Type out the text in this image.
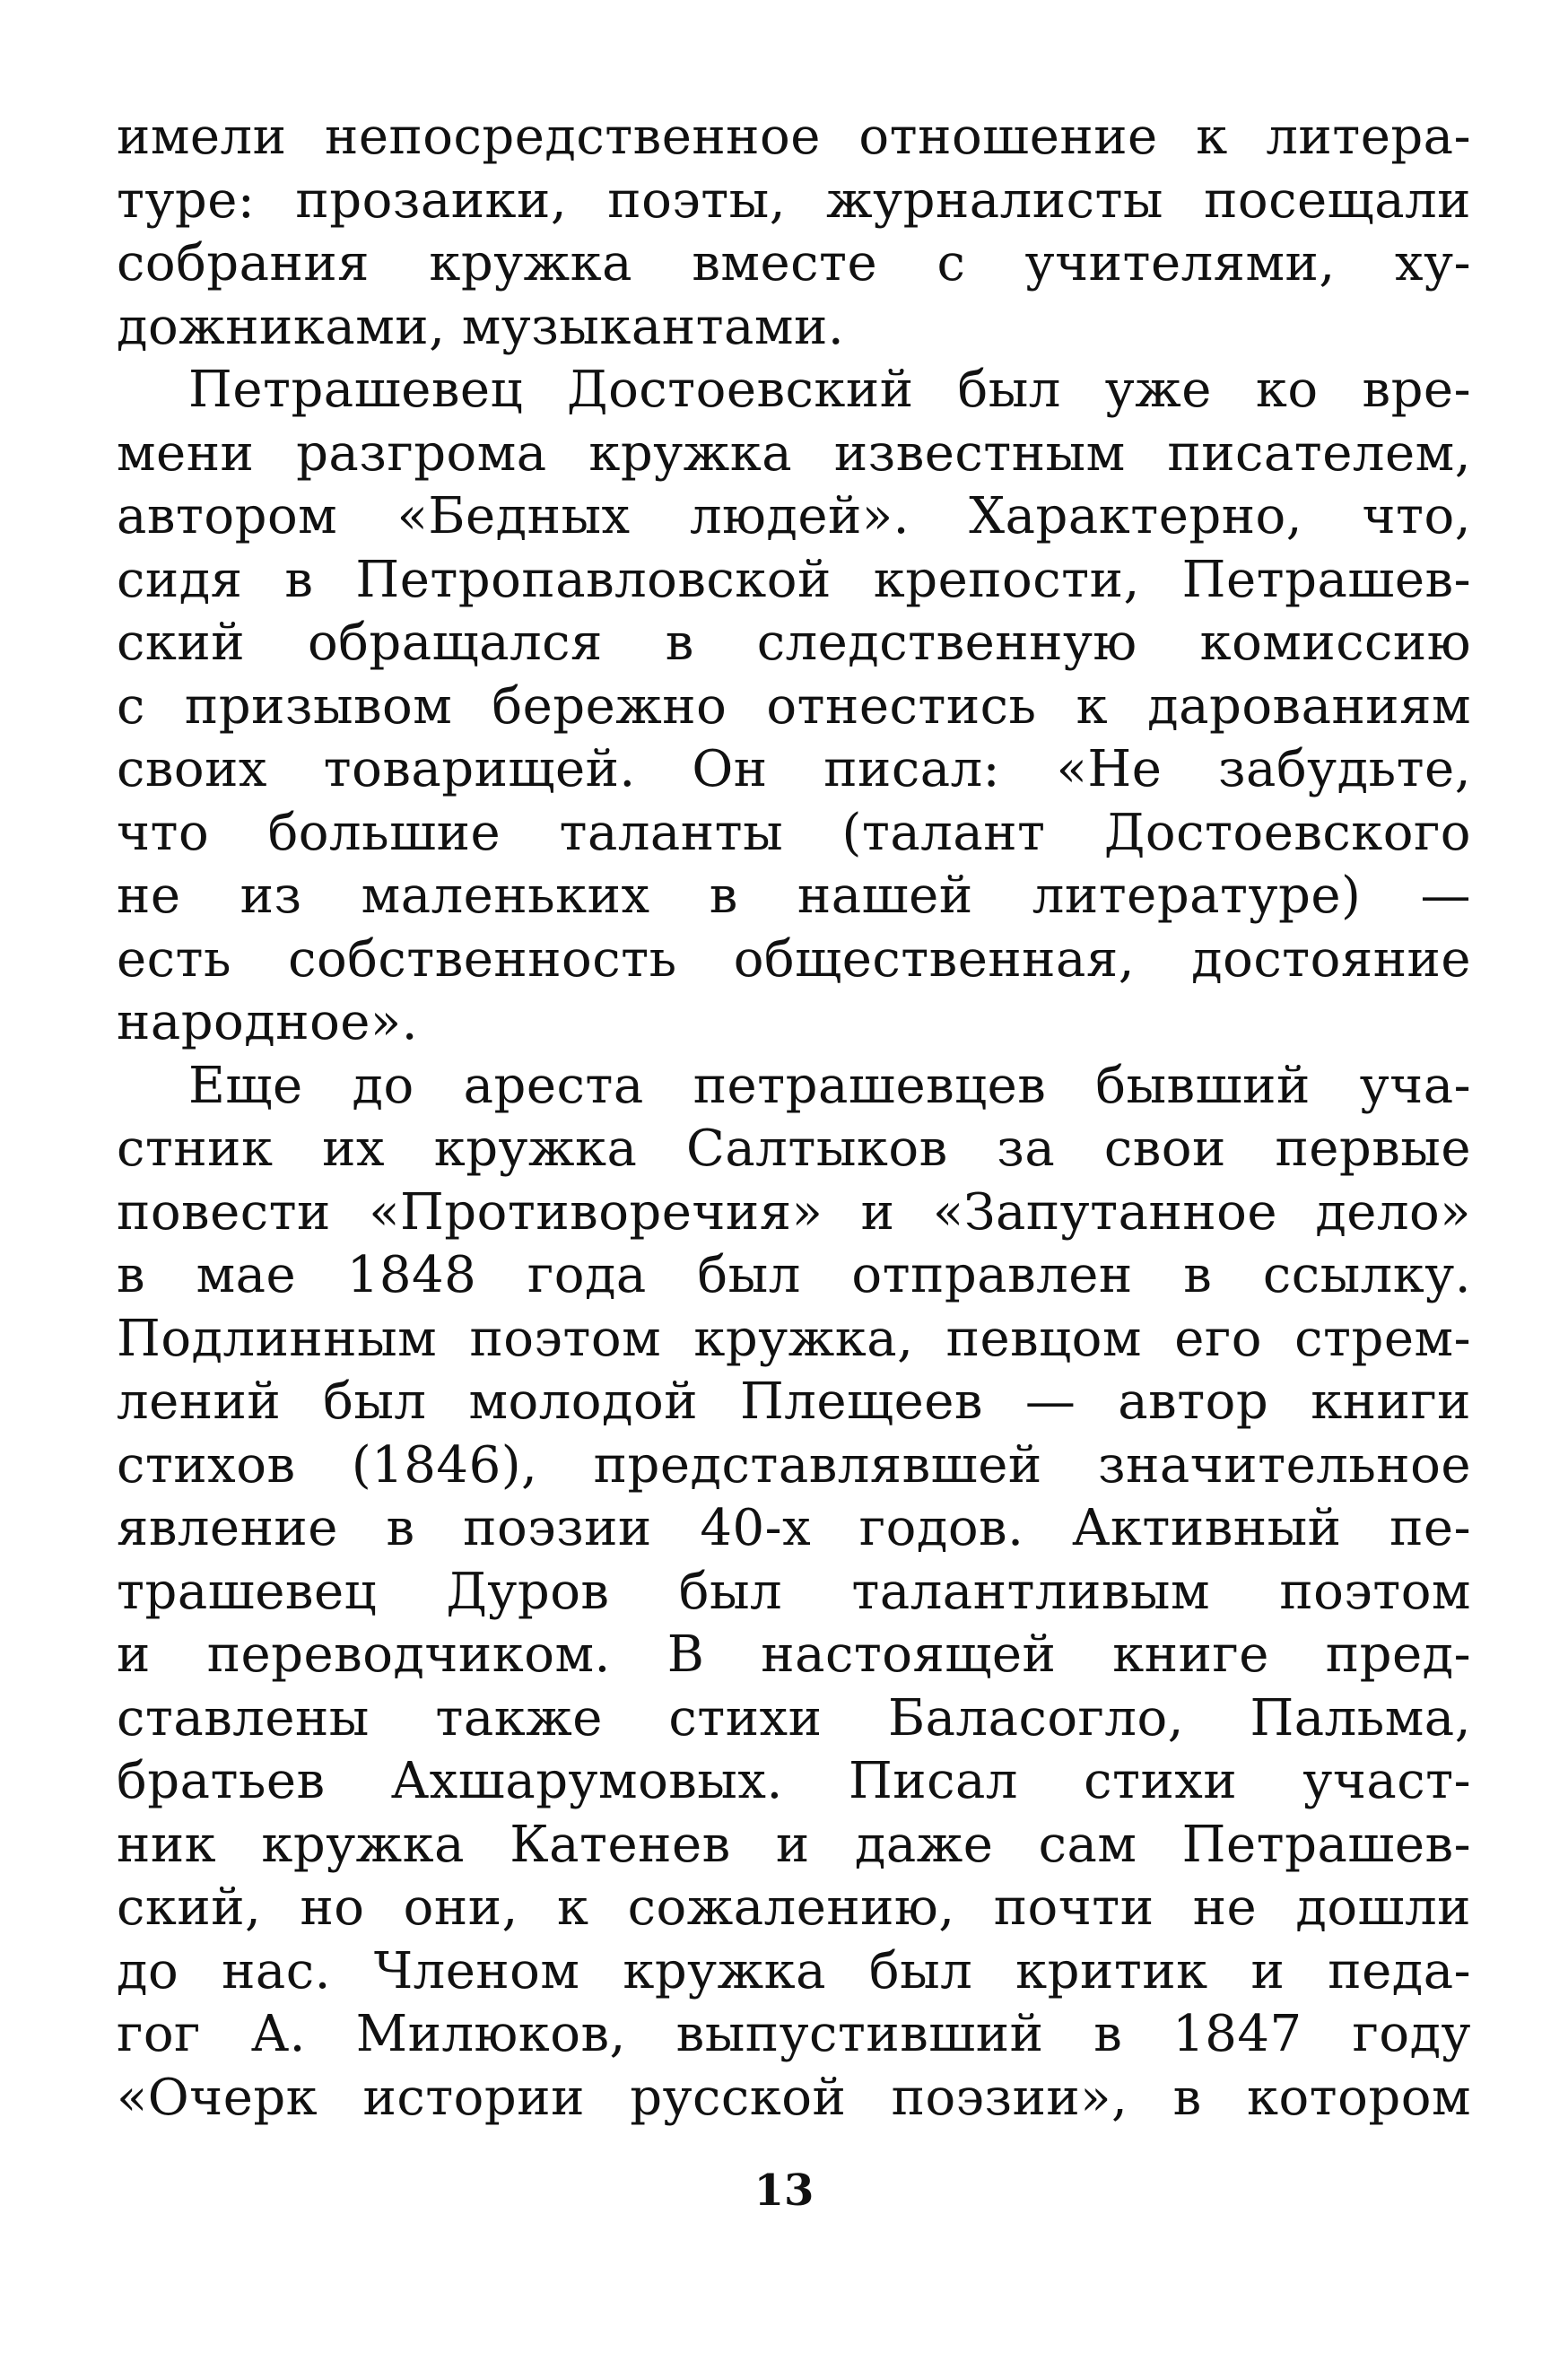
имели непосредственное отношение к литера-
туре: прозаики, поэты, журналисты посещали
собрания кружка вместе с учителями, ху-
дожниками, музыкантами.
Петрашевец Достоевский был уже ко вре-
мени разгрома кружка известным писателем,
автором «Бедных людей». Характерно, что,
сидя в Петропавловской крепости, Петрашев-
ский обращался в следственную комиссию
с призывом бережно отнестись к дарованиям
своих товарищей. Он писал: «Не забудьте,
что большие таланты (талант Достоевского
не из маленьких в нашей литературе) —
есть собственность общественная, достояние
народное».
Еще до ареста петрашевцев бывший уча-
стник их кружка Салтыков за свои первые
повести «Противоречия» и «Запутанное дело»
в мае 1848 года был отправлен в ссылку.
Подлинным поэтом кружка, певцом его стрем-
лений был молодой Плещеев — автор книги
стихов (1846), представлявшей значительное
явление в поэзии 40-х годов. Активный пе-
трашевец Дуров был талантливым поэтом
и переводчиком. В настоящей книге пред-
ставлены также стихи Баласогло, Пальма,
братьев Ахшарумовых. Писал стихи участ-
ник кружка Катенев и даже сам Петрашев-
ский, но они, к сожалению, почти не дошли
до нас. Членом кружка был критик и педа-
гог А. Милюков, выпустивший в 1847 году
«Очерк истории русской поэзии», в котором
13
